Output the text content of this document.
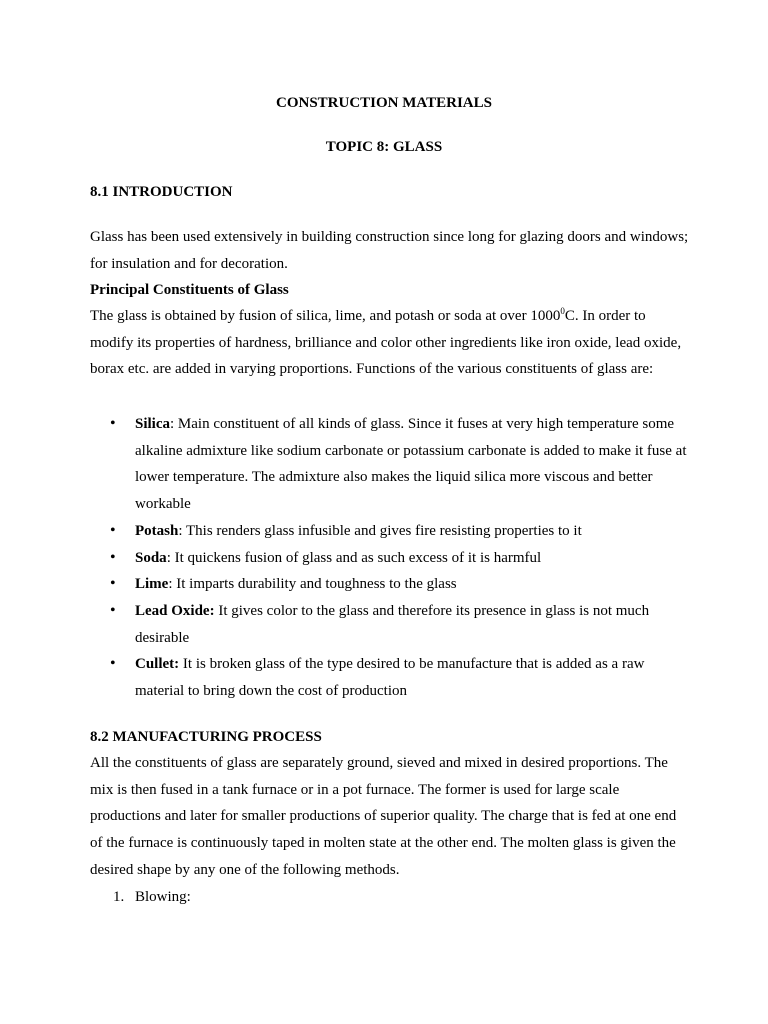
CONSTRUCTION MATERIALS
TOPIC 8: GLASS
8.1 INTRODUCTION
Glass has been used extensively in building construction since long for glazing doors and windows; for insulation and for decoration.
Principal Constituents of Glass
The glass is obtained by fusion of silica, lime, and potash or soda at over 1000$^0$C. In order to modify its properties of hardness, brilliance and color other ingredients like iron oxide, lead oxide, borax etc. are added in varying proportions. Functions of the various constituents of glass are:
• Silica: Main constituent of all kinds of glass. Since it fuses at very high temperature some alkaline admixture like sodium carbonate or potassium carbonate is added to make it fuse at lower temperature. The admixture also makes the liquid silica more viscous and better workable
• Potash: This renders glass infusible and gives fire resisting properties to it
• Soda: It quickens fusion of glass and as such excess of it is harmful
• Lime: It imparts durability and toughness to the glass
• Lead Oxide: It gives color to the glass and therefore its presence in glass is not much desirable
• Cullet: It is broken glass of the type desired to be manufacture that is added as a raw material to bring down the cost of production
8.2 MANUFACTURING PROCESS
All the constituents of glass are separately ground, sieved and mixed in desired proportions. The mix is then fused in a tank furnace or in a pot furnace. The former is used for large scale productions and later for smaller productions of superior quality. The charge that is fed at one end of the furnace is continuously taped in molten state at the other end. The molten glass is given the desired shape by any one of the following methods.
1. Blowing:
